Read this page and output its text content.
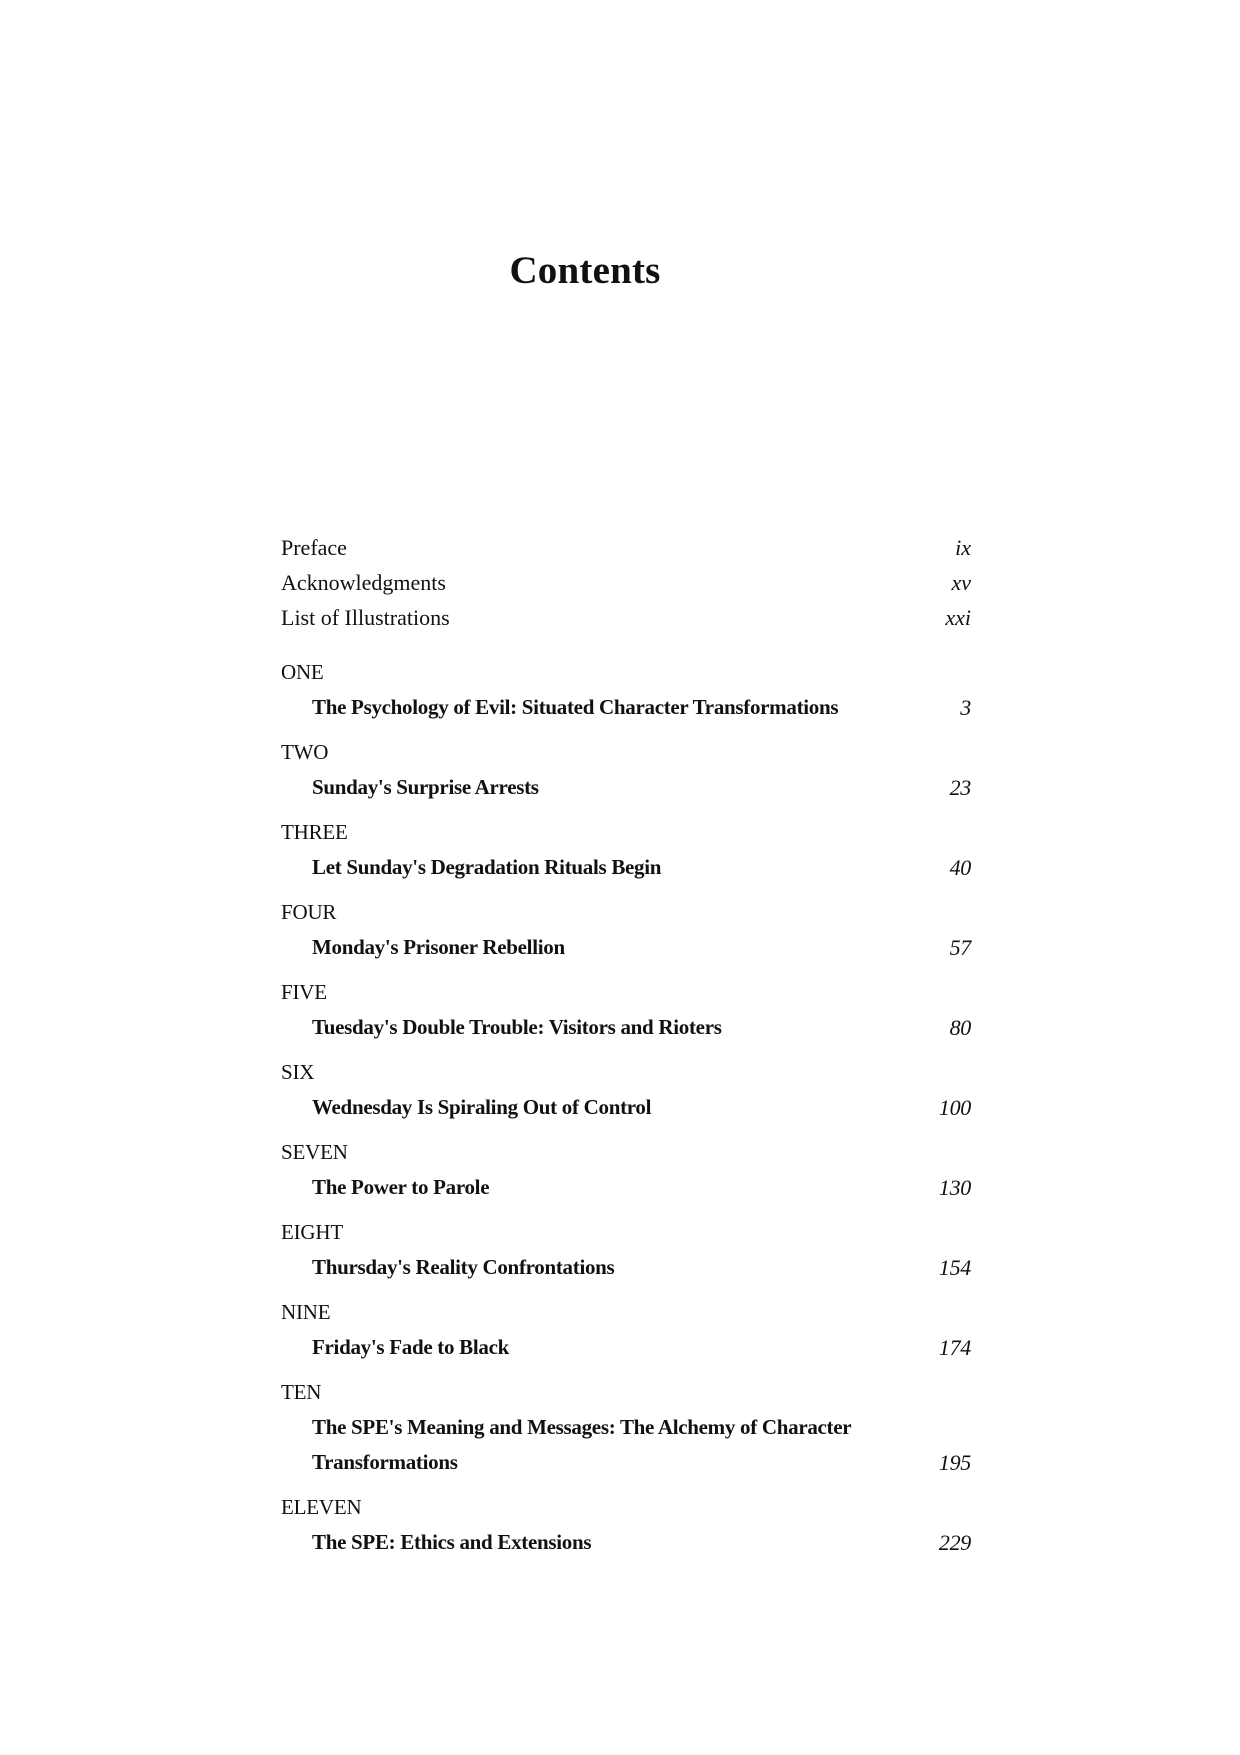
Contents
Preface	ix
Acknowledgments	xv
List of Illustrations	xxi
ONE
The Psychology of Evil: Situated Character Transformations	3
TWO
Sunday's Surprise Arrests	23
THREE
Let Sunday's Degradation Rituals Begin	40
FOUR
Monday's Prisoner Rebellion	57
FIVE
Tuesday's Double Trouble: Visitors and Rioters	80
SIX
Wednesday Is Spiraling Out of Control	100
SEVEN
The Power to Parole	130
EIGHT
Thursday's Reality Confrontations	154
NINE
Friday's Fade to Black	174
TEN
The SPE's Meaning and Messages: The Alchemy of Character Transformations	195
ELEVEN
The SPE: Ethics and Extensions	229
